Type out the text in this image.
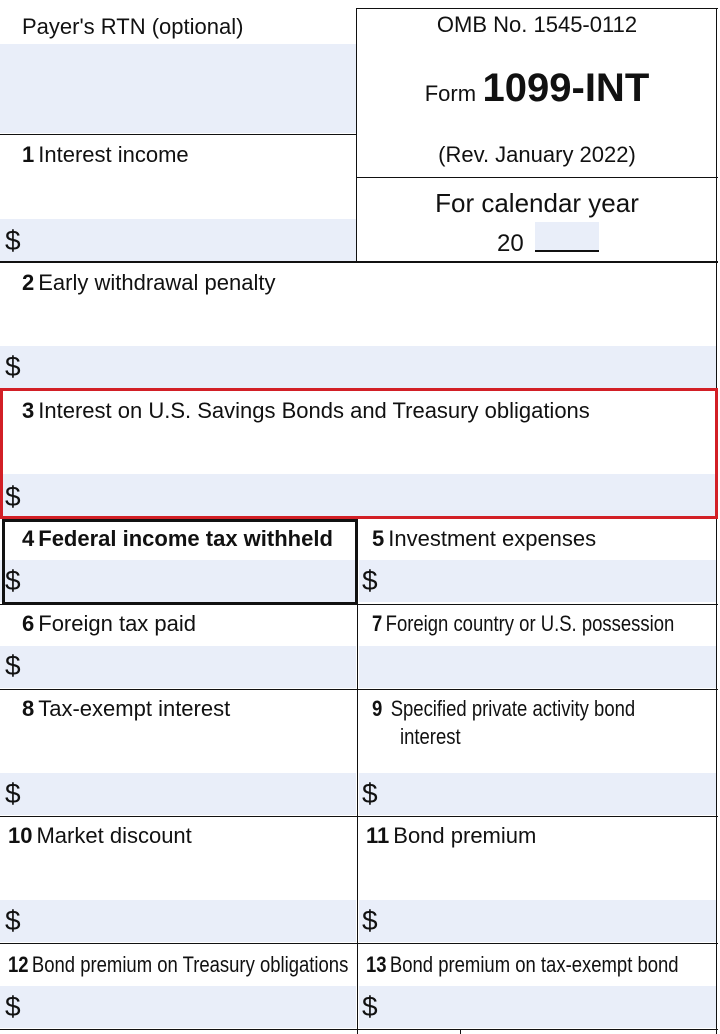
Payer's RTN (optional)	OMB No. 1545-0112
Form 1099-INT
(Rev. January 2022)
For calendar year
20
1 Interest income
$
2 Early withdrawal penalty
$
3 Interest on U.S. Savings Bonds and Treasury obligations
$
4 Federal income tax withheld
$
5 Investment expenses
$
6 Foreign tax paid
$
7 Foreign country or U.S. possession
8 Tax-exempt interest
$
9 Specified private activity bond
interest
$
10 Market discount
$
11 Bond premium
$
12 Bond premium on Treasury obligations
$
13 Bond premium on tax-exempt bond
$
